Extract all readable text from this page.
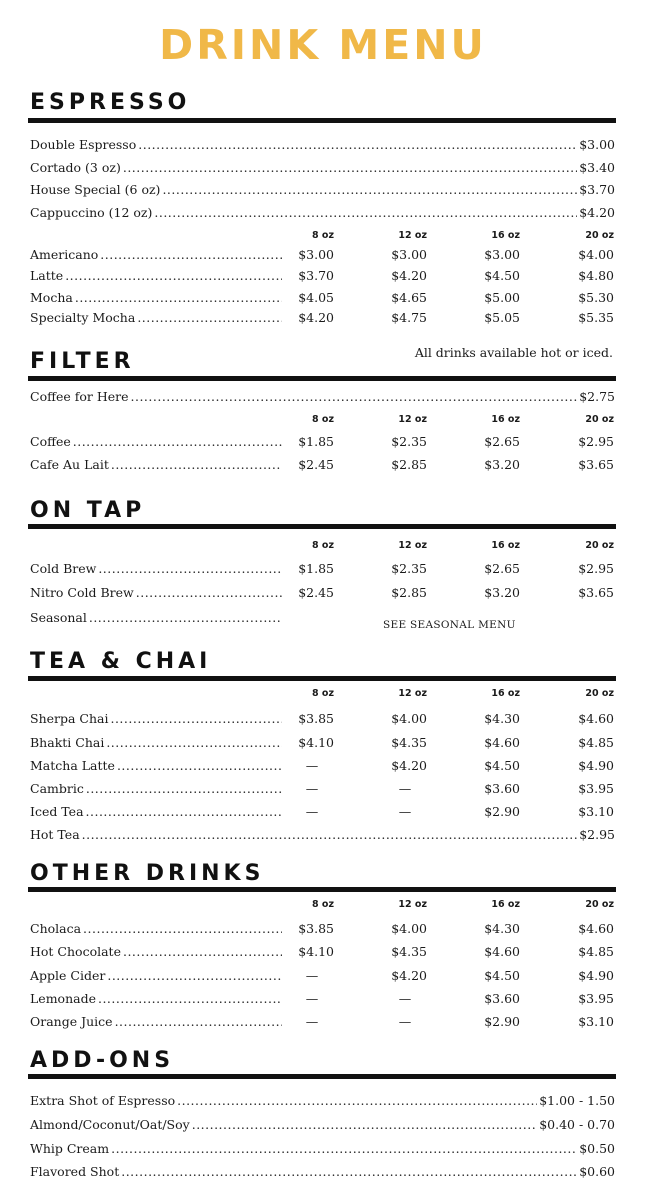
DRINK MENU
ESPRESSO
Double Espresso .....	$3.00
Cortado (3 oz) .....	$3.40
House Special (6 oz) .....	$3.70
Cappuccino (12 oz) .....	$4.20
8 oz	12 oz	16 oz	20 oz
Americano .....	$3.00	$3.00	$3.00	$4.00
Latte .....	$3.70	$4.20	$4.50	$4.80
Mocha .....	$4.05	$4.65	$5.00	$5.30
Specialty Mocha .....	$4.20	$4.75	$5.05	$5.35
FILTER	All drinks available hot or iced.
Coffee for Here .....	$2.75
8 oz	12 oz	16 oz	20 oz
Coffee .....	$1.85	$2.35	$2.65	$2.95
Cafe Au Lait .....	$2.45	$2.85	$3.20	$3.65
ON TAP
8 oz	12 oz	16 oz	20 oz
Cold Brew .....	$1.85	$2.35	$2.65	$2.95
Nitro Cold Brew .....	$2.45	$2.85	$3.20	$3.65
Seasonal .....	SEE SEASONAL MENU
TEA & CHAI
8 oz	12 oz	16 oz	20 oz
Sherpa Chai .....	$3.85	$4.00	$4.30	$4.60
Bhakti Chai .....	$4.10	$4.35	$4.60	$4.85
Matcha Latte .....	—	$4.20	$4.50	$4.90
Cambric .....	—	—	$3.60	$3.95
Iced Tea .....	—	—	$2.90	$3.10
Hot Tea .....	$2.95
OTHER DRINKS
8 oz	12 oz	16 oz	20 oz
Cholaca .....	$3.85	$4.00	$4.30	$4.60
Hot Chocolate .....	$4.10	$4.35	$4.60	$4.85
Apple Cider .....	—	$4.20	$4.50	$4.90
Lemonade .....	—	—	$3.60	$3.95
Orange Juice .....	—	—	$2.90	$3.10
ADD-ONS
Extra Shot of Espresso .....	$1.00 - 1.50
Almond/Coconut/Oat/Soy .....	$0.40 - 0.70
Whip Cream .....	$0.50
Flavored Shot .....	$0.60
